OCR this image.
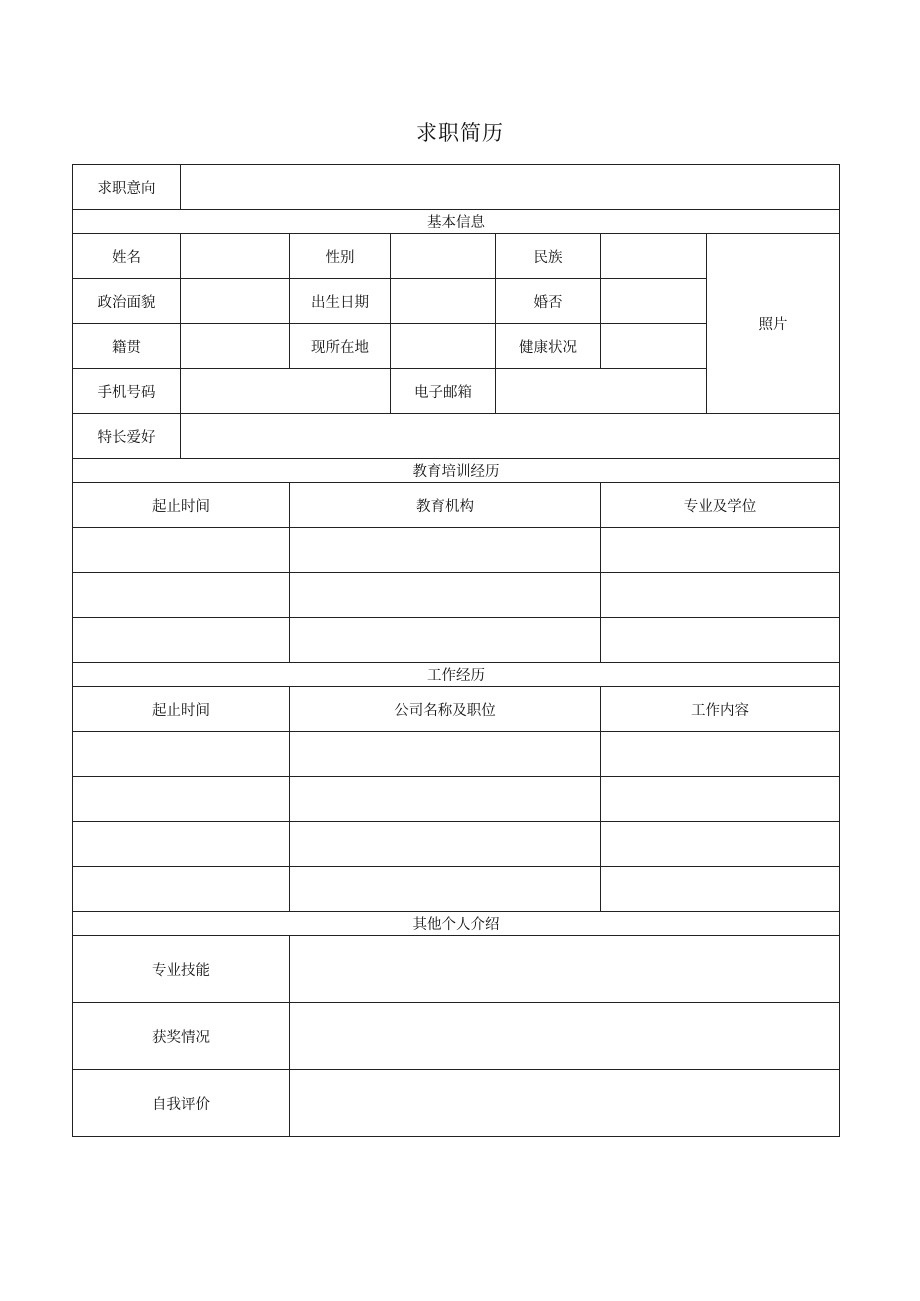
求职简历
求职意向						
基本信息						
姓名		性别		民族		照片
政治面貌		出生日期		婚否		
籍贯		现所在地		健康状况		
手机号码			电子邮箱			
特长爱好						
教育培训经历						
起止时间		教育机构			专业及学位	

工作经历						
起止时间		公司名称及职位			工作内容	

其他个人介绍						
专业技能						
获奖情况						
自我评价						
